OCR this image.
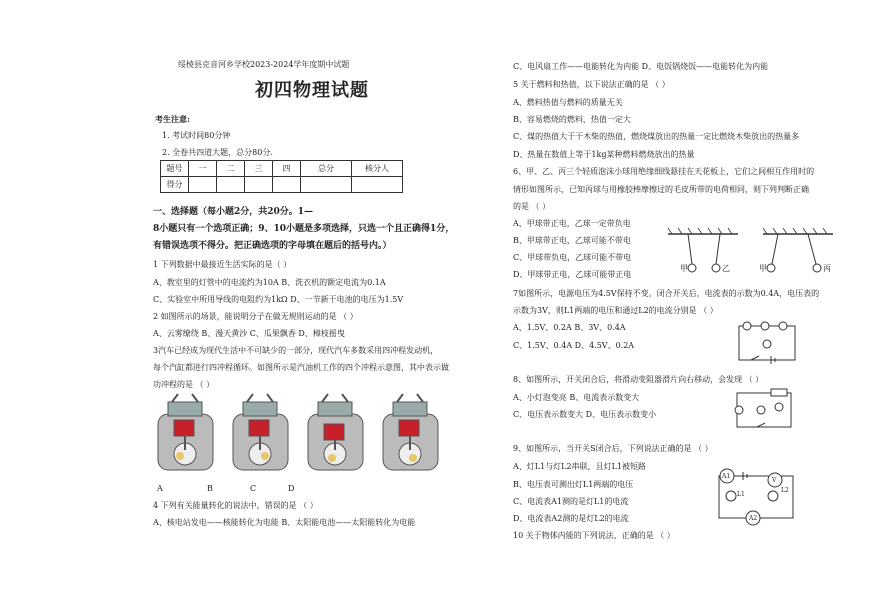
绥棱县克音河乡学校2023-2024学年度期中试题
初四物理试题
考生注意:
1. 考试时间80分钟
2. 全卷共四道大题，总分80分.
题号	一	二	三	四	总分	核分人
得分						
一、选择题（每小题2分，共20分。1—
8小题只有一个选项正确；9、10小题是多项选择，只选一个且正确得1分，
有错误选项不得分。把正确选项的字母填在题后的括号内。）
1 下列数据中最接近生活实际的是（ ）
A、教室里的灯管中的电流约为10A B、洗衣机的额定电流为0.1A
C、实验室中所用导线的电阻约为1kΩ D、一节新干电池的电压为1.5V
2 如图所示的场景，能说明分子在做无规则运动的是 （ ）
A、云雾缭绕 B、漫天黄沙 C、瓜果飘香 D、樟枝摇曳
3汽车已经成为现代生活中不可缺少的一部分，现代汽车多数采用四冲程发动机，
每个汽缸都进行四冲程循环。如图所示是汽油机工作的四个冲程示意图，其中表示做
功冲程的是 （ ）
A	B	C	D
4 下列有关能量转化的说法中，错误的是 （ ）
A、核电站发电——核能转化为电能 B、太阳能电池——太阳能转化为电能
C、电风扇工作——电能转化为内能 D、电饭锅烧饭——电能转化为内能
5 关于燃料和热值，以下说法正确的是 （ ）
A、燃料热值与燃料的质量无关
B、容易燃烧的燃料，热值一定大
C、煤的热值大于干木柴的热值，燃烧煤放出的热量一定比燃烧木柴放出的热量多
D、热量在数值上等于1kg某种燃料燃烧放出的热量
6、甲、乙、丙三个轻质泡沫小球用绝缘细线悬挂在天花板上，它们之间相互作用时的
情形如图所示，已知丙球与用橡胶棒摩擦过的毛皮所带的电荷相同，则下列判断正确
的是 （ ）
A、甲球带正电，乙球一定带负电
B、甲球带正电，乙球可能不带电
C、甲球带负电，乙球可能不带电
D、甲球带正电，乙球可能带正电
甲	乙	甲	丙
7如图所示，电源电压为4.5V保持不变。闭合开关后，电流表的示数为0.4A，电压表的
示数为3V，则L1两端的电压和通过L2的电流分别是 （ ）
A、1.5V、0.2A B、3V、0.4A
C、1.5V、0.4A D、4.5V、0.2A
8、如图所示，开关闭合后，将滑动变阻器滑片向右移动，会发现 （ ）
A、小灯泡变亮 B、电流表示数变大
C、电压表示数变大 D、电压表示数变小
9、如图所示，当开关S闭合后，下列说法正确的是 （ ）
A、灯L1与灯L2串联，且灯L1被短路
B、电压表可测出灯L1两端的电压
C、电流表A1测的是灯L1的电流
D、电流表A2测的是灯L2的电流
A1
V
A2
L1
L2
10 关于物体内能的下列说法，正确的是 （ ）
